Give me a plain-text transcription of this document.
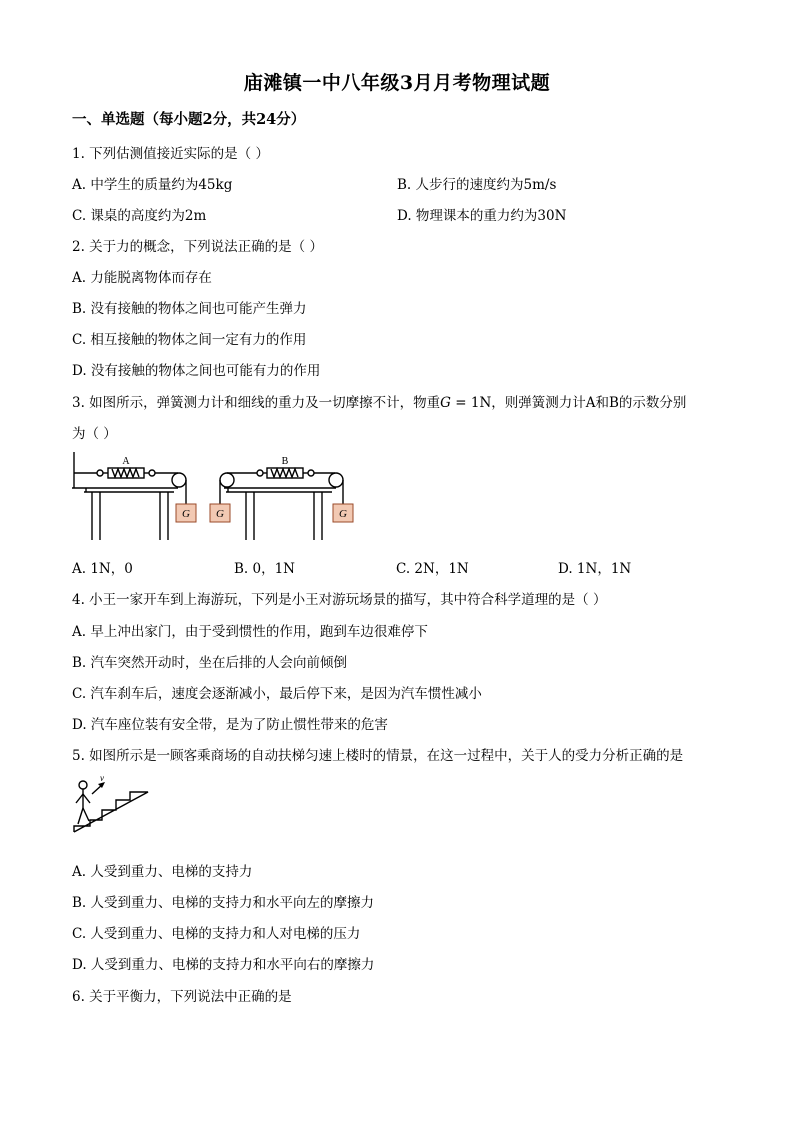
庙滩镇一中八年级3月月考物理试题
一、单选题（每小题2分，共24分）
1. 下列估测值接近实际的是（ ）
A. 中学生的质量约为45kg	B. 人步行的速度约为5m/s
C. 课桌的高度约为2m	D. 物理课本的重力约为30N
2. 关于力的概念，下列说法正确的是（ ）
A. 力能脱离物体而存在
B. 没有接触的物体之间也可能产生弹力
C. 相互接触的物体之间一定有力的作用
D. 没有接触的物体之间也可能有力的作用
3. 如图所示，弹簧测力计和细线的重力及一切摩擦不计，物重G = 1N，则弹簧测力计A和B的示数分别
为（ ）
G G	G
A	B
A. 1N，0	B. 0，1N	C. 2N，1N	D. 1N，1N
4. 小王一家开车到上海游玩，下列是小王对游玩场景的描写，其中符合科学道理的是（ ）
A. 早上冲出家门，由于受到惯性的作用，跑到车边很难停下
B. 汽车突然开动时，坐在后排的人会向前倾倒
C. 汽车刹车后，速度会逐渐减小，最后停下来，是因为汽车惯性减小
D. 汽车座位装有安全带，是为了防止惯性带来的危害
5. 如图所示是一顾客乘商场的自动扶梯匀速上楼时的情景，在这一过程中，关于人的受力分析正确的是
v
A. 人受到重力、电梯的支持力
B. 人受到重力、电梯的支持力和水平向左的摩擦力
C. 人受到重力、电梯的支持力和人对电梯的压力
D. 人受到重力、电梯的支持力和水平向右的摩擦力
6. 关于平衡力，下列说法中正确的是
